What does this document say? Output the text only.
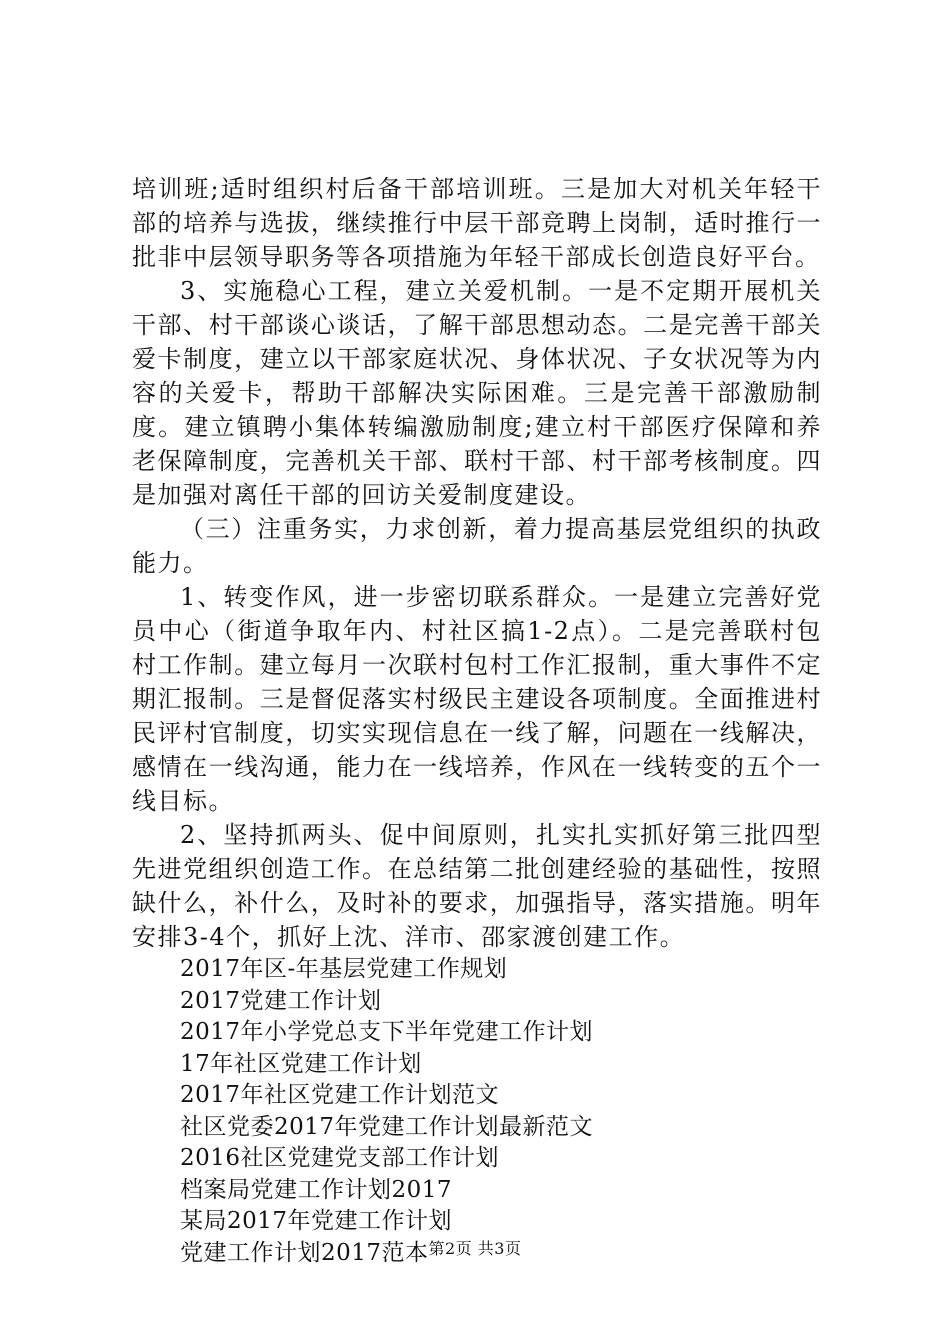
培训班;适时组织村后备干部培训班。三是加大对机关年轻干部的培养与选拔，继续推行中层干部竞聘上岗制，适时推行一批非中层领导职务等各项措施为年轻干部成长创造良好平台。

3、实施稳心工程，建立关爱机制。一是不定期开展机关干部、村干部谈心谈话，了解干部思想动态。二是完善干部关爱卡制度，建立以干部家庭状况、身体状况、子女状况等为内容的关爱卡，帮助干部解决实际困难。三是完善干部激励制度。建立镇聘小集体转编激励制度;建立村干部医疗保障和养老保障制度，完善机关干部、联村干部、村干部考核制度。四是加强对离任干部的回访关爱制度建设。

（三）注重务实，力求创新，着力提高基层党组织的执政能力。

1、转变作风，进一步密切联系群众。一是建立完善好党员中心（街道争取年内、村社区搞1-2点）。二是完善联村包村工作制。建立每月一次联村包村工作汇报制，重大事件不定期汇报制。三是督促落实村级民主建设各项制度。全面推进村民评村官制度，切实实现信息在一线了解，问题在一线解决，感情在一线沟通，能力在一线培养，作风在一线转变的五个一线目标。

2、坚持抓两头、促中间原则，扎实扎实抓好第三批四型先进党组织创造工作。在总结第二批创建经验的基础性，按照缺什么，补什么，及时补的要求，加强指导，落实措施。明年安排3-4个，抓好上沈、洋市、邵家渡创建工作。

2017年区-年基层党建工作规划
2017党建工作计划
2017年小学党总支下半年党建工作计划
17年社区党建工作计划
2017年社区党建工作计划范文
社区党委2017年党建工作计划最新范文
2016社区党建党支部工作计划
档案局党建工作计划2017
某局2017年党建工作计划
党建工作计划2017范本 第2页 共3页
